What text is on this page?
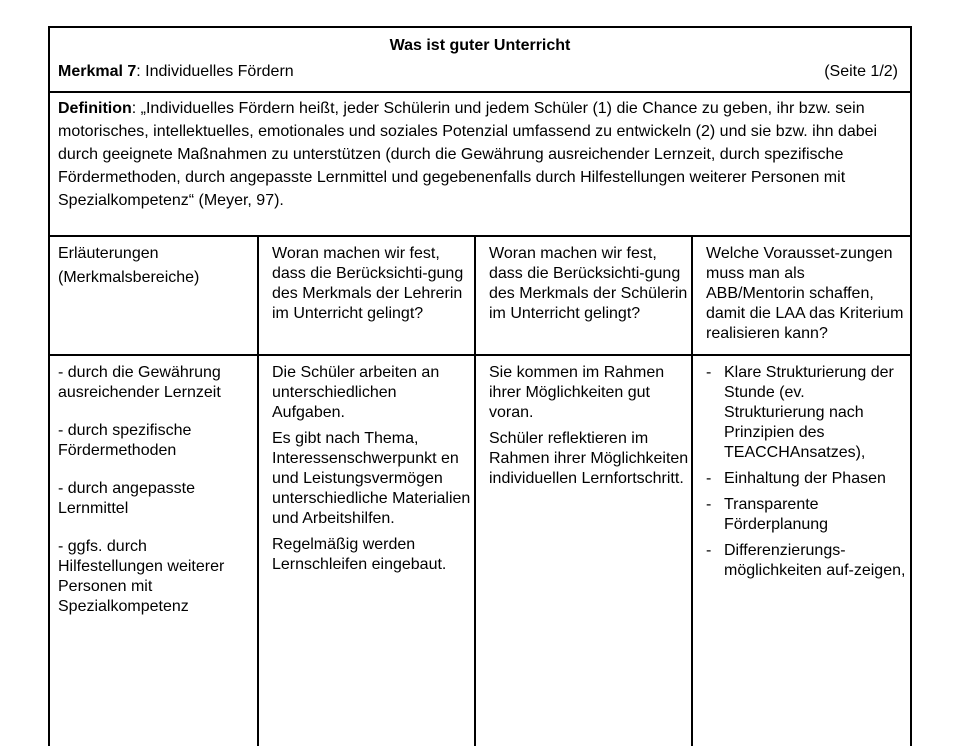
Was ist guter Unterricht
Merkmal 7: Individuelles Fördern	(Seite 1/2)
Definition: „Individuelles Fördern heißt, jeder Schülerin und jedem Schüler (1) die Chance zu geben, ihr bzw. sein motorisches, intellektuelles, emotionales und soziales Potenzial umfassend zu entwickeln (2) und sie bzw. ihn dabei durch geeignete Maßnahmen zu unterstützen (durch die Gewährung ausreichender Lernzeit, durch spezifische Fördermethoden, durch angepasste Lernmittel und gegebenenfalls durch Hilfestellungen weiterer Personen mit Spezialkompetenz“ (Meyer, 97).

Erläuterungen

(Merkmalsbereiche)

Woran machen wir fest, dass die Berücksichti-gung des Merkmals der Lehrerin im Unterricht gelingt?

Woran machen wir fest, dass die Berücksichti-gung des Merkmals der Schülerin im Unterricht gelingt?

Welche Vorausset-zungen muss man als ABB/Mentorin schaffen, damit die LAA das Kriterium realisieren kann?

- durch die Gewährung ausreichender Lernzeit

- durch spezifische Fördermethoden

- durch angepasste Lernmittel

- ggfs. durch Hilfestellungen weiterer Personen mit Spezialkompetenz

Die Schüler arbeiten an unterschiedlichen Aufgaben.

Es gibt nach Thema, Interessenschwerpunkt en und Leistungsvermögen unterschiedliche Materialien und Arbeitshilfen.

Regelmäßig werden Lernschleifen eingebaut.

Sie kommen im Rahmen ihrer Möglichkeiten gut voran.

Schüler reflektieren im Rahmen ihrer Möglichkeiten individuellen Lernfortschritt.

- Klare Strukturierung der Stunde (ev. Strukturierung nach Prinzipien des TEACCHAnsatzes),
- Einhaltung der Phasen
- Transparente Förderplanung
- Differenzierungs-möglichkeiten auf-zeigen,
